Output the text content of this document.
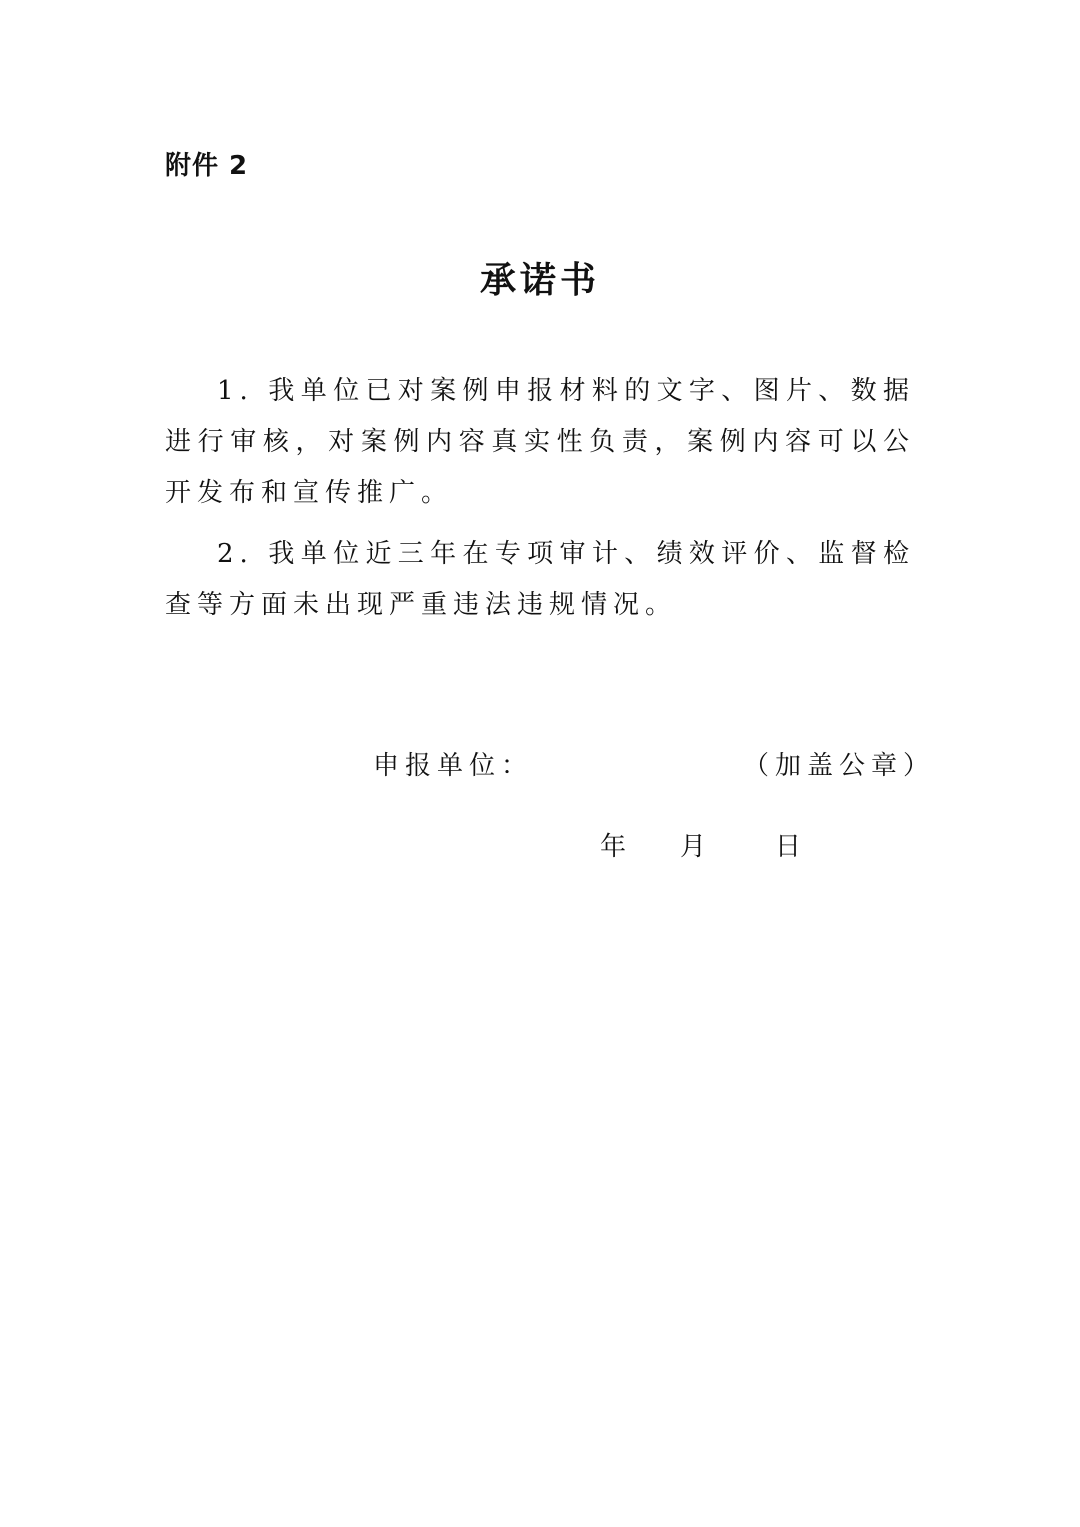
附件 2
承诺书

1. 我单位已对案例申报材料的文字、图片、数据进行审核，对案例内容真实性负责，案例内容可以公开发布和宣传推广。

2. 我单位近三年在专项审计、绩效评价、监督检查等方面未出现严重违法违规情况。

申报单位：	（加盖公章）
年 月	日
